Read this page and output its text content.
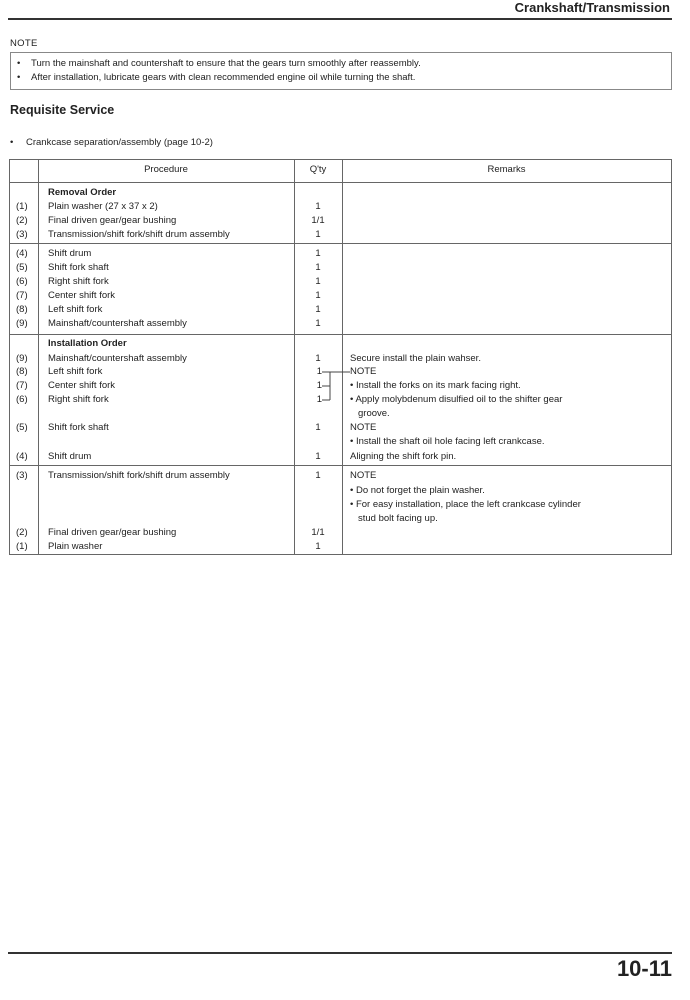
Crankshaft/Transmission
NOTE
• Turn the mainshaft and countershaft to ensure that the gears turn smoothly after reassembly.
• After installation, lubricate gears with clean recommended engine oil while turning the shaft.
Requisite Service
• Crankcase separation/assembly (page 10-2)
Procedure	Q'ty	Remarks
Removal Order
(1)	Plain washer (27 x 37 x 2)	1
(2)	Final driven gear/gear bushing	1/1
(3)	Transmission/shift fork/shift drum assembly	1
(4)	Shift drum	1
(5)	Shift fork shaft	1
(6)	Right shift fork	1
(7)	Center shift fork	1
(8)	Left shift fork	1
(9)	Mainshaft/countershaft assembly	1
Installation Order
(9)	Mainshaft/countershaft assembly	1	Secure install the plain wahser.
(8)	Left shift fork	1	NOTE
(7)	Center shift fork	1	• Install the forks on its mark facing right.
(6)	Right shift fork	1	• Apply molybdenum disulfied oil to the shifter gear
groove.
(5)	Shift fork shaft	1	NOTE
• Install the shaft oil hole facing left crankcase.
(4)	Shift drum	1	Aligning the shift fork pin.
(3)	Transmission/shift fork/shift drum assembly	1	NOTE
• Do not forget the plain washer.
• For easy installation, place the left crankcase cylinder
stud bolt facing up.
(2)	Final driven gear/gear bushing	1/1
(1)	Plain washer	1
10-11
